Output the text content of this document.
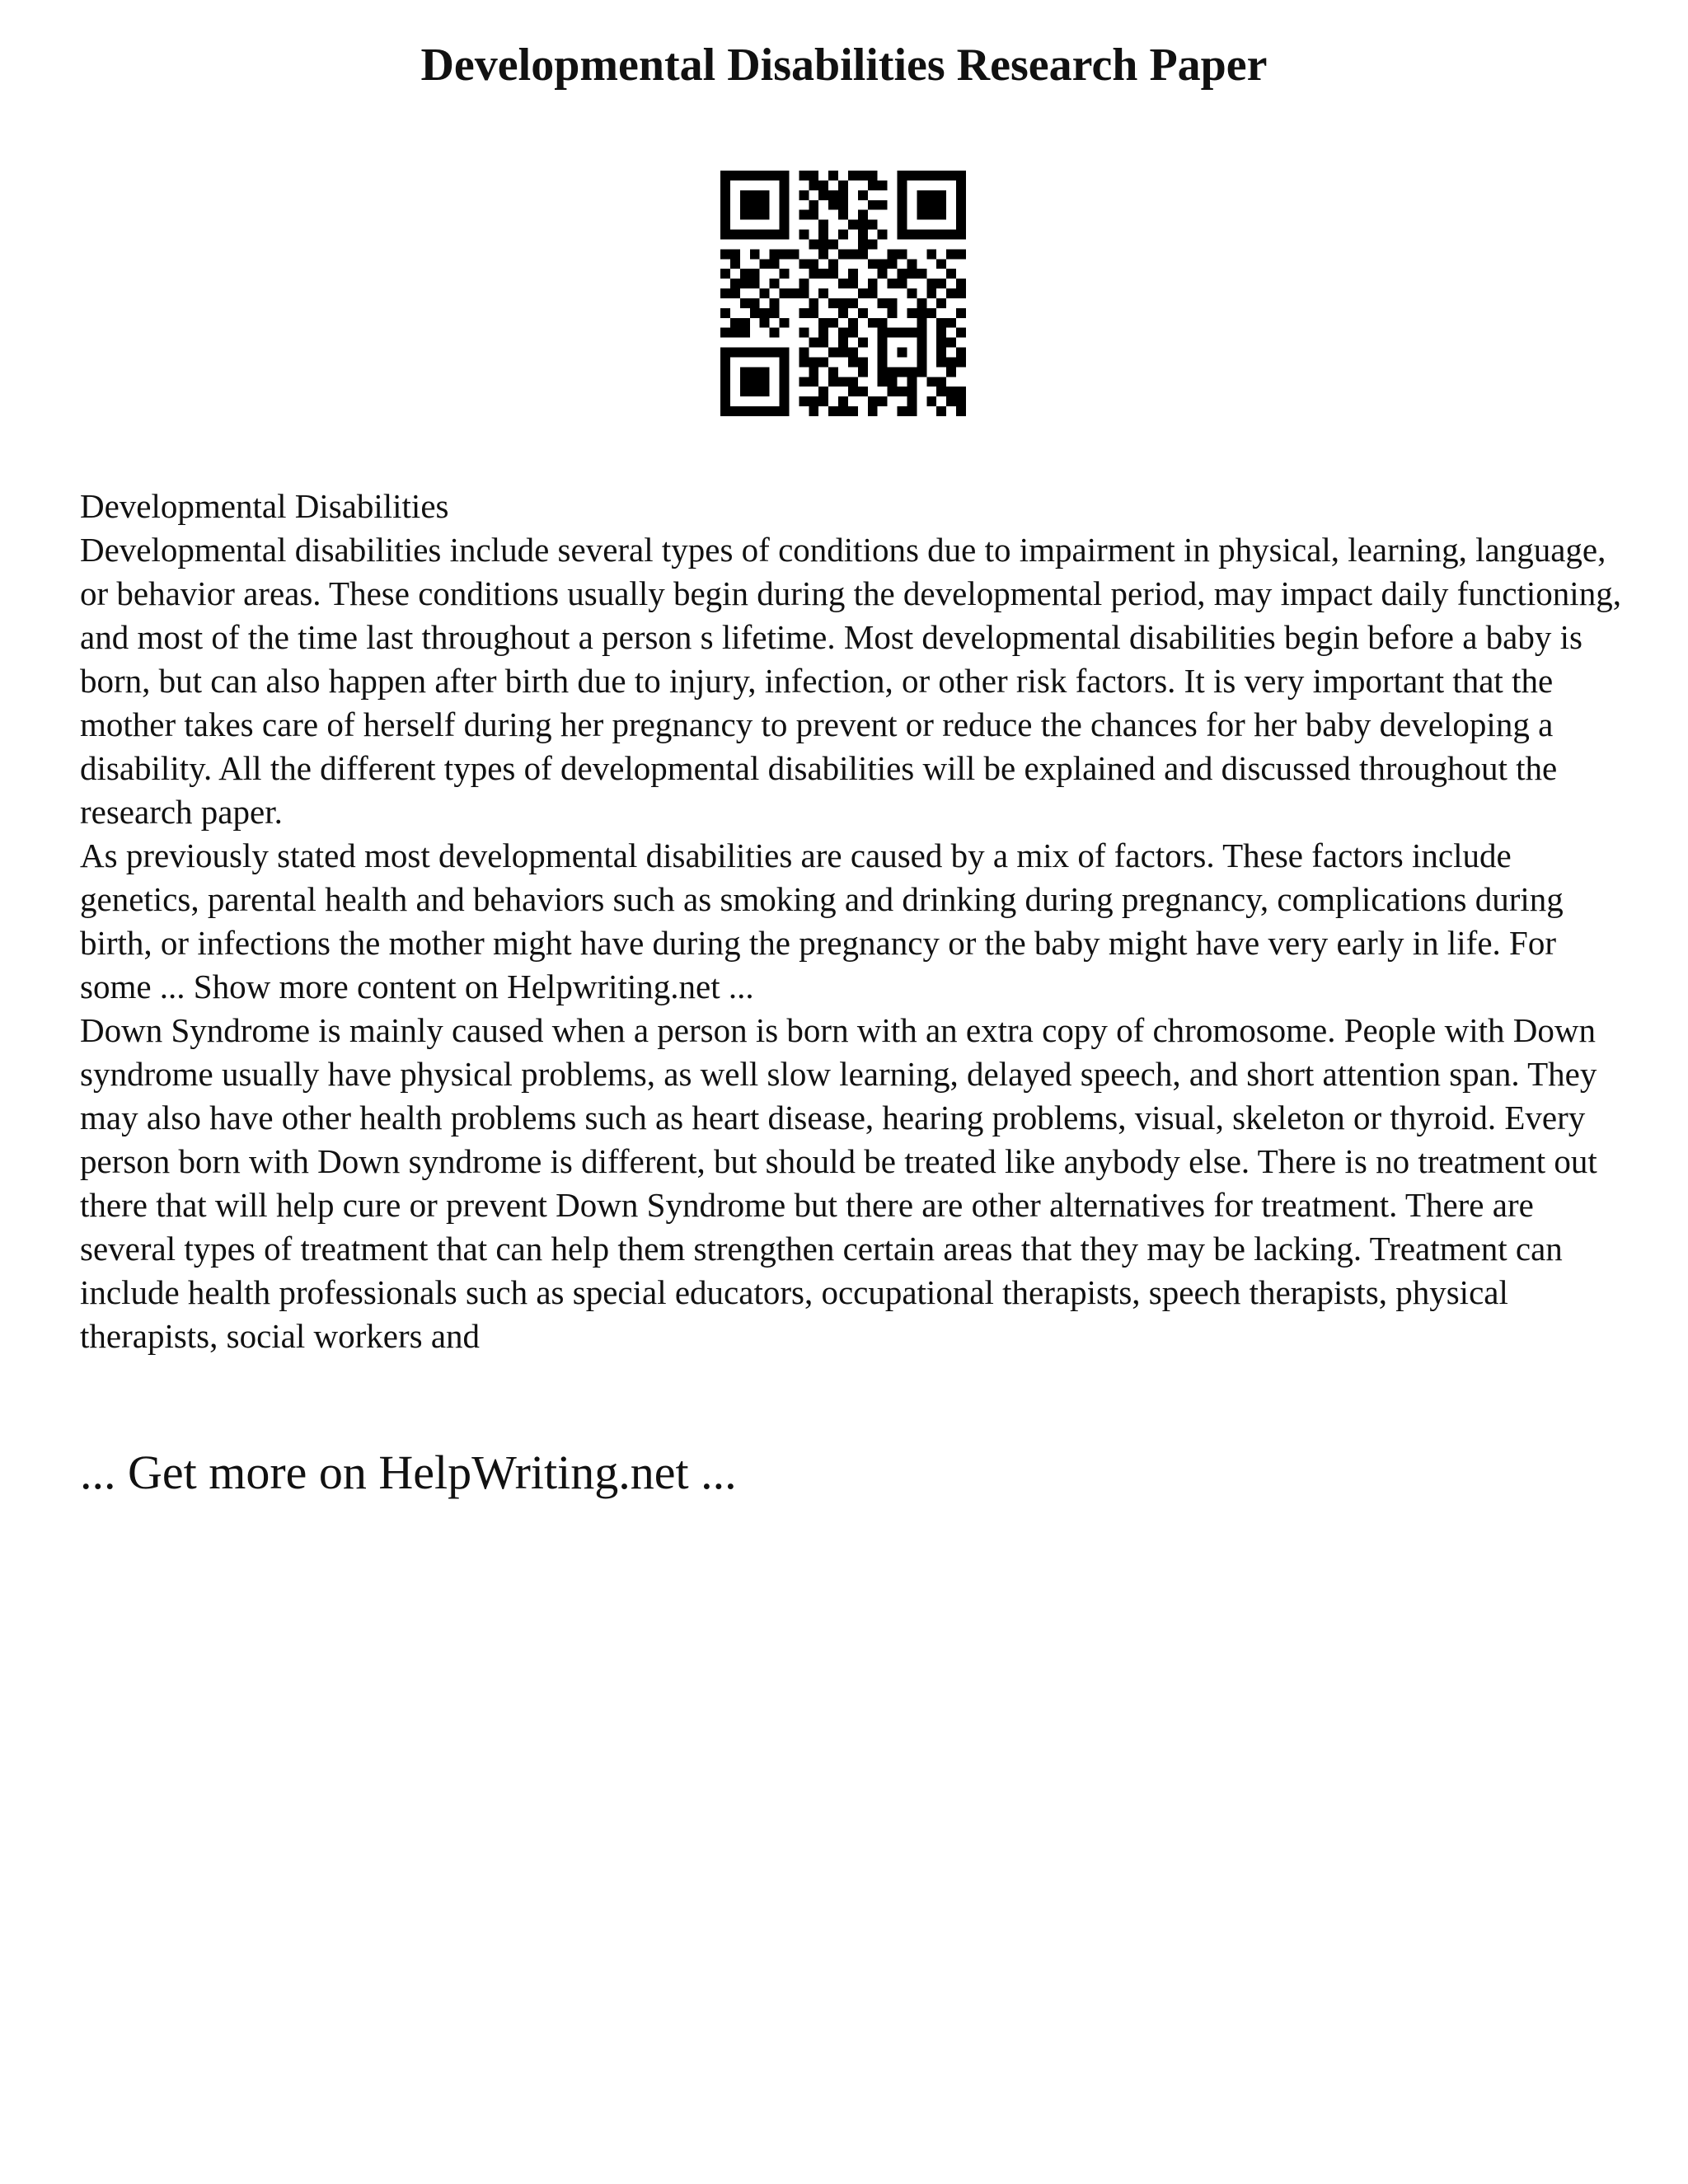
Developmental Disabilities Research Paper

Developmental Disabilities

Developmental disabilities include several types of conditions due to impairment in physical, learning, language, or behavior areas. These conditions usually begin during the developmental period, may impact daily functioning, and most of the time last throughout a person s lifetime. Most developmental disabilities begin before a baby is born, but can also happen after birth due to injury, infection, or other risk factors. It is very important that the mother takes care of herself during her pregnancy to prevent or reduce the chances for her baby developing a disability. All the different types of developmental disabilities will be explained and discussed throughout the research paper.

As previously stated most developmental disabilities are caused by a mix of factors. These factors include genetics, parental health and behaviors such as smoking and drinking during pregnancy, complications during birth, or infections the mother might have during the pregnancy or the baby might have very early in life. For some ... Show more content on Helpwriting.net ...

Down Syndrome is mainly caused when a person is born with an extra copy of chromosome. People with Down syndrome usually have physical problems, as well slow learning, delayed speech, and short attention span. They may also have other health problems such as heart disease, hearing problems, visual, skeleton or thyroid. Every person born with Down syndrome is different, but should be treated like anybody else. There is no treatment out there that will help cure or prevent Down Syndrome but there are other alternatives for treatment. There are several types of treatment that can help them strengthen certain areas that they may be lacking. Treatment can include health professionals such as special educators, occupational therapists, speech therapists, physical therapists, social workers and

... Get more on HelpWriting.net ...
